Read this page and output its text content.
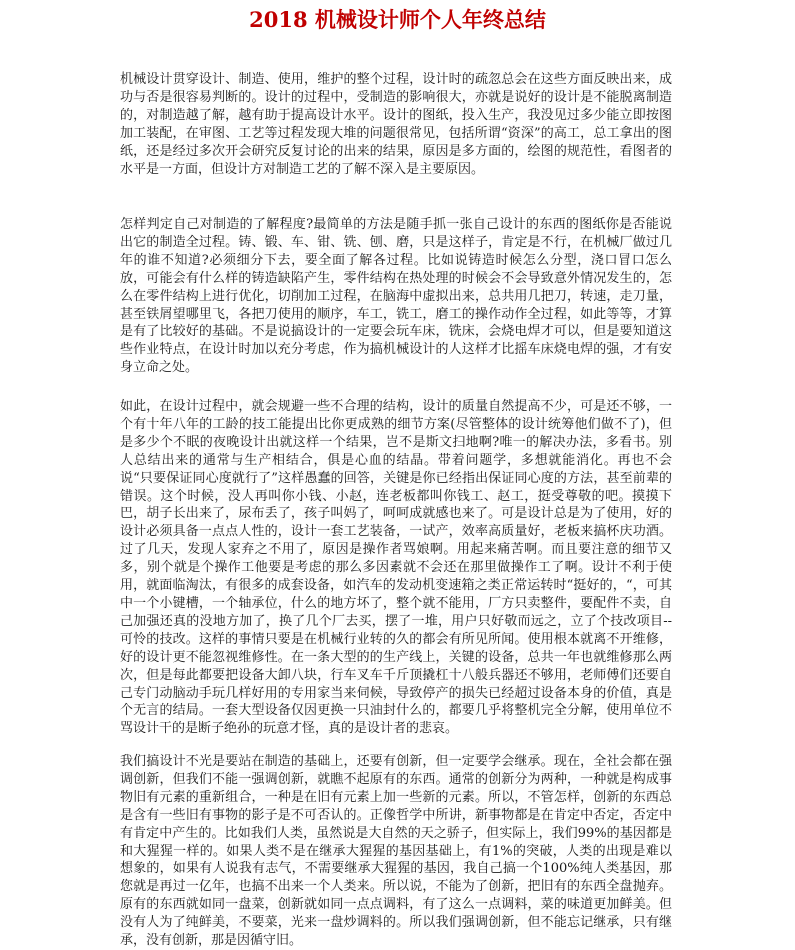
2018 机械设计师个人年终总结

机械设计贯穿设计、制造、使用，维护的整个过程，设计时的疏忽总会在这些方面反映出来，成功与否是很容易判断的。设计的过程中，受制造的影响很大，亦就是说好的设计是不能脱离制造的，对制造越了解，越有助于提高设计水平。设计的图纸，投入生产，我没见过多少能立即按图加工装配，在审图、工艺等过程发现大堆的问题很常见，包括所谓“资深”的高工，总工拿出的图纸，还是经过多次开会研究反复讨论的出来的结果，原因是多方面的，绘图的规范性，看图者的水平是一方面，但设计方对制造工艺的了解不深入是主要原因。

怎样判定自己对制造的了解程度?最简单的方法是随手抓一张自己设计的东西的图纸你是否能说出它的制造全过程。铸、锻、车、钳、铣、刨、磨，只是这样子，肯定是不行，在机械厂做过几年的谁不知道?必须细分下去，要全面了解各过程。比如说铸造时候怎么分型，浇口冒口怎么放，可能会有什么样的铸造缺陷产生，零件结构在热处理的时候会不会导致意外情况发生的，怎么在零件结构上进行优化，切削加工过程，在脑海中虚拟出来，总共用几把刀，转速，走刀量，甚至铁屑望哪里飞，各把刀使用的顺序，车工，铣工，磨工的操作动作全过程，如此等等，才算是有了比较好的基础。不是说搞设计的一定要会玩车床，铣床，会烧电焊才可以，但是要知道这些作业特点，在设计时加以充分考虑，作为搞机械设计的人这样才比摇车床烧电焊的强，才有安身立命之处。

如此，在设计过程中，就会规避一些不合理的结构，设计的质量自然提高不少，可是还不够，一个有十年八年的工龄的技工能提出比你更成熟的细节方案(尽管整体的设计统筹他们做不了)，但是多少个不眠的夜晚设计出就这样一个结果，岂不是斯文扫地啊?唯一的解决办法，多看书。别人总结出来的通常与生产相结合，俱是心血的结晶。带着问题学，多想就能消化。再也不会说“只要保证同心度就行了”这样愚蠢的回答，关键是你已经指出保证同心度的方法，甚至前辈的错误。这个时候，没人再叫你小钱、小赵，连老板都叫你钱工、赵工，挺受尊敬的吧。摸摸下巴，胡子长出来了，尿布丢了，孩子叫妈了，呵呵成就感也来了。可是设计总是为了使用，好的设计必须具备一点点人性的，设计一套工艺装备，一试产，效率高质量好，老板来搞杯庆功酒。过了几天，发现人家弃之不用了，原因是操作者骂娘啊。用起来痛苦啊。而且要注意的细节又多，别个就是个操作工他要是考虑的那么多因素就不会还在那里做操作工了啊。设计不利于使用，就面临淘汰，有很多的成套设备，如汽车的发动机变速箱之类正常运转时“挺好的，“，可其中一个小键槽，一个轴承位，什么的地方坏了，整个就不能用，厂方只卖整件，要配件不卖，自己加强还真的没地方加了，换了几个厂去买，摆了一堆，用户只好敬而远之，立了个技改项目--可怜的技改。这样的事情只要是在机械行业转的久的都会有所见所闻。使用根本就离不开维修，好的设计更不能忽视维修性。在一条大型的的生产线上，关键的设备，总共一年也就维修那么两次，但是每此都要把设备大卸八块，行车叉车千斤顶撬杠十八般兵器还不够用，老师傅们还要自己专门动脑动手玩几样好用的专用家当来伺候，导致停产的损失已经超过设备本身的价值，真是个无言的结局。一套大型设备仅因更换一只油封什么的，都要几乎将整机完全分解，使用单位不骂设计干的是断子绝孙的玩意才怪，真的是设计者的悲哀。

我们搞设计不光是要站在制造的基础上，还要有创新，但一定要学会继承。现在，全社会都在强调创新，但我们不能一强调创新，就瞧不起原有的东西。通常的创新分为两种，一种就是构成事物旧有元素的重新组合，一种是在旧有元素上加一些新的元素。所以，不管怎样，创新的东西总是含有一些旧有事物的影子是不可否认的。正像哲学中所讲，新事物都是在肯定中否定，否定中有肯定中产生的。比如我们人类，虽然说是大自然的天之骄子，但实际上，我们99%的基因都是和大猩猩一样的。如果人类不是在继承大猩猩的基因基础上，有1%的突破，人类的出现是难以想象的，如果有人说我有志气，不需要继承大猩猩的基因，我自己搞一个100%纯人类基因，那您就是再过一亿年，也搞不出来一个人类来。所以说，不能为了创新，把旧有的东西全盘抛弃。原有的东西就如同一盘菜，创新就如同一点点调料，有了这么一点调料，菜的味道更加鲜美。但没有人为了纯鲜美，不要菜，光来一盘炒调料的。所以我们强调创新，但不能忘记继承，只有继承，没有创新，那是因循守旧。
